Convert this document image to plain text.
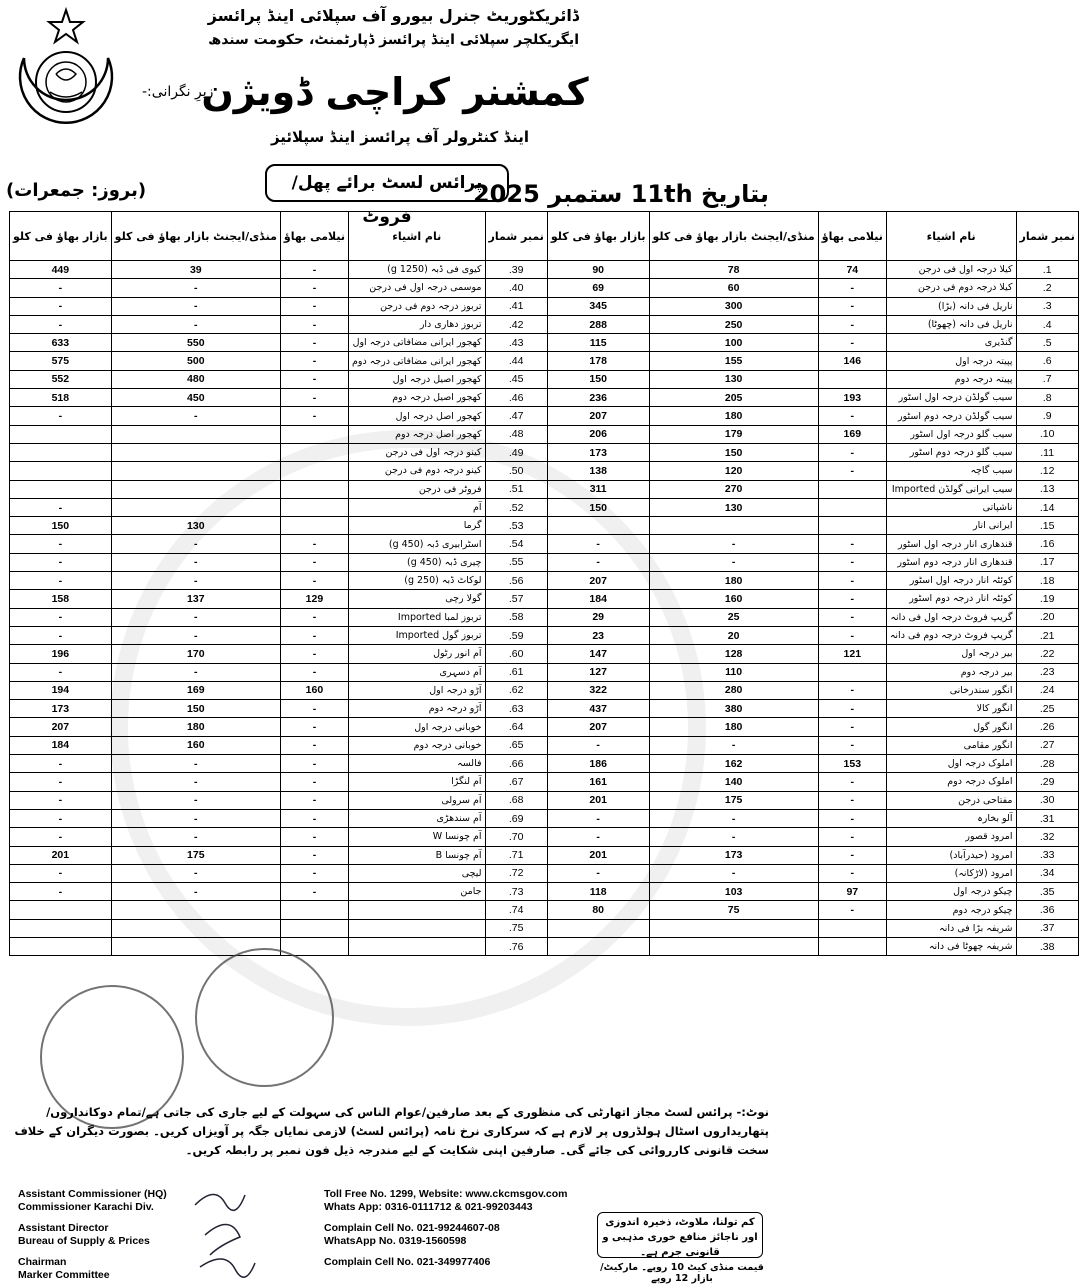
ڈائریکٹوریٹ جنرل بیورو آف سپلائی اینڈ پرائسز
ایگریکلچر سپلائی اینڈ پرائسز ڈپارٹمنٹ، حکومت سندھ
زیرِ نگرانی:-
کمشنر کراچی ڈویژن
اینڈ کنٹرولر آف پرائسز اینڈ سپلائیز
پرائس لسٹ برائے پھل/فروٹ
بتاریخ 11th ستمبر 2025
(بروز: جمعرات)
نمبر شمار	نام اشیاء	نیلامی بھاؤ	منڈی/ایجنٹ بازار بھاؤ فی کلو	بازار بھاؤ فی کلو	نمبر شمار	نام اشیاء	نیلامی بھاؤ	منڈی/ایجنٹ بازار بھاؤ فی کلو	بازار بھاؤ فی کلو
1.	کیلا درجہ اول فی درجن	74	78	90	39.	کیوی فی ڈبہ (1250 g)	-	39	449
2.	کیلا درجہ دوم فی درجن	-	60	69	40.	موسمی درجہ اول فی درجن	-	-	-
3.	ناریل فی دانہ (بڑا)	-	300	345	41.	تربوز درجہ دوم فی درجن	-	-	-
4.	ناریل فی دانہ (چھوٹا)	-	250	288	42.	تربوز دھاری دار	-	-	-
5.	گنڈیری	-	100	115	43.	کھجور ایرانی مضافاتی درجہ اول	-	550	633
6.	پپیتہ درجہ اول	146	155	178	44.	کھجور ایرانی مضافاتی درجہ دوم	-	500	575
7.	پپیتہ درجہ دوم		130	150	45.	کھجور اصیل درجہ اول	-	480	552
8.	سیب گولڈن درجہ اول اسٹور	193	205	236	46.	کھجور اصیل درجہ دوم	-	450	518
9.	سیب گولڈن درجہ دوم اسٹور	-	180	207	47.	کھجور اصل درجہ اول	-	-	-
10.	سیب گلو درجہ اول اسٹور	169	179	206	48.	کھجور اصل درجہ دوم			
11.	سیب گلو درجہ دوم اسٹور	-	150	173	49.	کینو درجہ اول فی درجن			
12.	سیب گاچہ	-	120	138	50.	کینو درجہ دوم فی درجن			
13.	سیب ایرانی گولڈن Imported		270	311	51.	فروٹر فی درجن			
14.	ناشپاتی		130	150	52.	آم			-
15.	ایرانی انار				53.	گرما		130	150
16.	قندھاری انار درجہ اول اسٹور	-	-	-	54.	اسٹرابیری ڈبہ (450 g)	-	-	-
17.	قندھاری انار درجہ دوم اسٹور	-	-	-	55.	چیری ڈبہ (450 g)	-	-	-
18.	کوئٹہ انار درجہ اول اسٹور	-	180	207	56.	لوکاٹ ڈبہ (250 g)	-	-	-
19.	کوئٹہ انار درجہ دوم اسٹور	-	160	184	57.	گولا رچی	129	137	158
20.	گریپ فروٹ درجہ اول فی دانہ	-	25	29	58.	تربوز لمبا Imported	-	-	-
21.	گریپ فروٹ درجہ دوم فی دانہ	-	20	23	59.	تربوز گول Imported	-	-	-
22.	بیر درجہ اول	121	128	147	60.	آم انور رٹول	-	170	196
23.	بیر درجہ دوم		110	127	61.	آم دسہری	-	-	-
24.	انگور سندرخانی	-	280	322	62.	آڑو درجہ اول	160	169	194
25.	انگور کالا	-	380	437	63.	آڑو درجہ دوم	-	150	173
26.	انگور گول	-	180	207	64.	خوبانی درجہ اول	-	180	207
27.	انگور مقامی	-	-	-	65.	خوبانی درجہ دوم	-	160	184
28.	املوک درجہ اول	153	162	186	66.	فالسہ	-	-	-
29.	املوک درجہ دوم	-	140	161	67.	آم لنگڑا	-	-	-
30.	مفتاحی درجن	-	175	201	68.	آم سرولی	-	-	-
31.	آلو بخارہ	-	-	-	69.	آم سندھڑی	-	-	-
32.	امرود قصور	-	-	-	70.	آم چونسا W	-	-	-
33.	امرود (حیدرآباد)	-	173	201	71.	آم چونسا B	-	175	201
34.	امرود (لاڑکانہ)	-	-	-	72.	لیچی	-	-	-
35.	چیکو درجہ اول	97	103	118	73.	جامن	-	-	-
36.	چیکو درجہ دوم	-	75	80	74.				
37.	شریفہ بڑا فی دانہ				75.				
38.	شریفہ چھوٹا فی دانہ				76.				
نوٹ:- پرائس لسٹ مجاز اتھارٹی کی منظوری کے بعد صارفین/عوام الناس کی سہولت کے لیے جاری کی جاتی ہے/تمام دوکانداروں/پتھاریداروں اسٹال ہولڈروں پر لازم ہے کہ سرکاری نرخ نامہ (پرائس لسٹ) لازمی نمایاں جگہ پر آویزاں کریں۔ بصورت دیگران کے خلاف سخت قانونی کارروائی کی جائے گی۔ صارفین اپنی شکایت کے لیے مندرجہ ذیل فون نمبر پر رابطہ کریں۔
Assistant Commissioner (HQ)
Commissioner Karachi Div.
Assistant Director
Bureau of Supply & Prices
Chairman
Marker Committee
Toll Free No. 1299, Website: www.ckcmsgov.com
Whats App: 0316-0111712 & 021-99203443
Complain Cell No. 021-99244607-08
WhatsApp No. 0319-1560598
Complain Cell No. 021-349977406
کم تولنا، ملاوٹ، ذخیرہ اندوزی اور ناجائز منافع خوری مذہبی و قانونی جرم ہے۔
قیمت منڈی کیٹ 10 روپے۔ مارکیٹ/بازار 12 روپے
